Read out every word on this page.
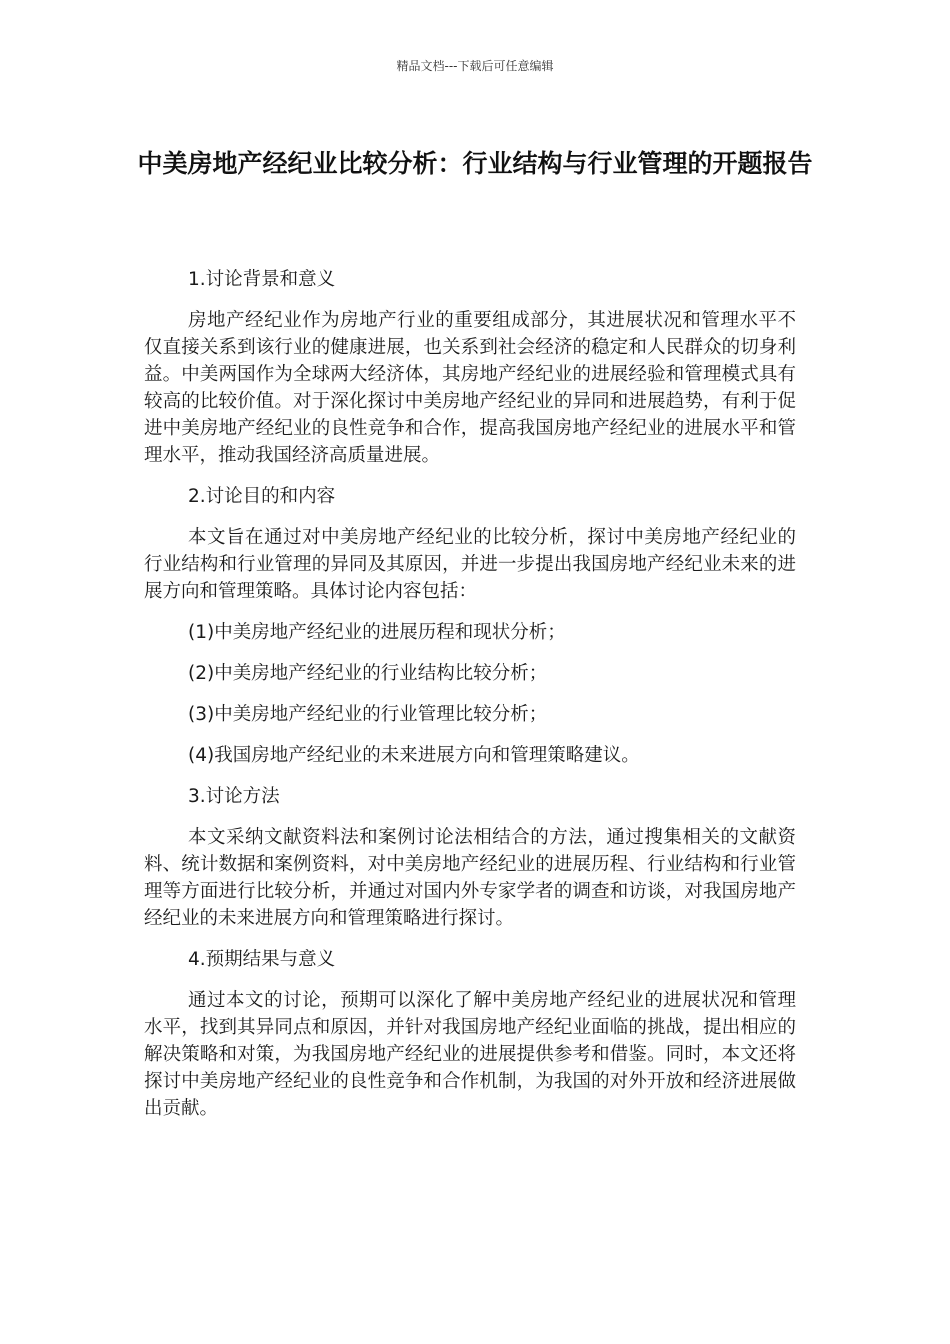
精品文档---下载后可任意编辑
中美房地产经纪业比较分析：行业结构与行业管理的开题报告

1.讨论背景和意义

房地产经纪业作为房地产行业的重要组成部分，其进展状况和管理水平不仅直接关系到该行业的健康进展，也关系到社会经济的稳定和人民群众的切身利益。中美两国作为全球两大经济体，其房地产经纪业的进展经验和管理模式具有较高的比较价值。对于深化探讨中美房地产经纪业的异同和进展趋势，有利于促进中美房地产经纪业的良性竞争和合作，提高我国房地产经纪业的进展水平和管理水平，推动我国经济高质量进展。

2.讨论目的和内容

本文旨在通过对中美房地产经纪业的比较分析，探讨中美房地产经纪业的行业结构和行业管理的异同及其原因，并进一步提出我国房地产经纪业未来的进展方向和管理策略。具体讨论内容包括：

(1)中美房地产经纪业的进展历程和现状分析；

(2)中美房地产经纪业的行业结构比较分析；

(3)中美房地产经纪业的行业管理比较分析；

(4)我国房地产经纪业的未来进展方向和管理策略建议。

3.讨论方法

本文采纳文献资料法和案例讨论法相结合的方法，通过搜集相关的文献资料、统计数据和案例资料，对中美房地产经纪业的进展历程、行业结构和行业管理等方面进行比较分析，并通过对国内外专家学者的调查和访谈，对我国房地产经纪业的未来进展方向和管理策略进行探讨。

4.预期结果与意义

通过本文的讨论，预期可以深化了解中美房地产经纪业的进展状况和管理水平，找到其异同点和原因，并针对我国房地产经纪业面临的挑战，提出相应的解决策略和对策，为我国房地产经纪业的进展提供参考和借鉴。同时，本文还将探讨中美房地产经纪业的良性竞争和合作机制，为我国的对外开放和经济进展做出贡献。
